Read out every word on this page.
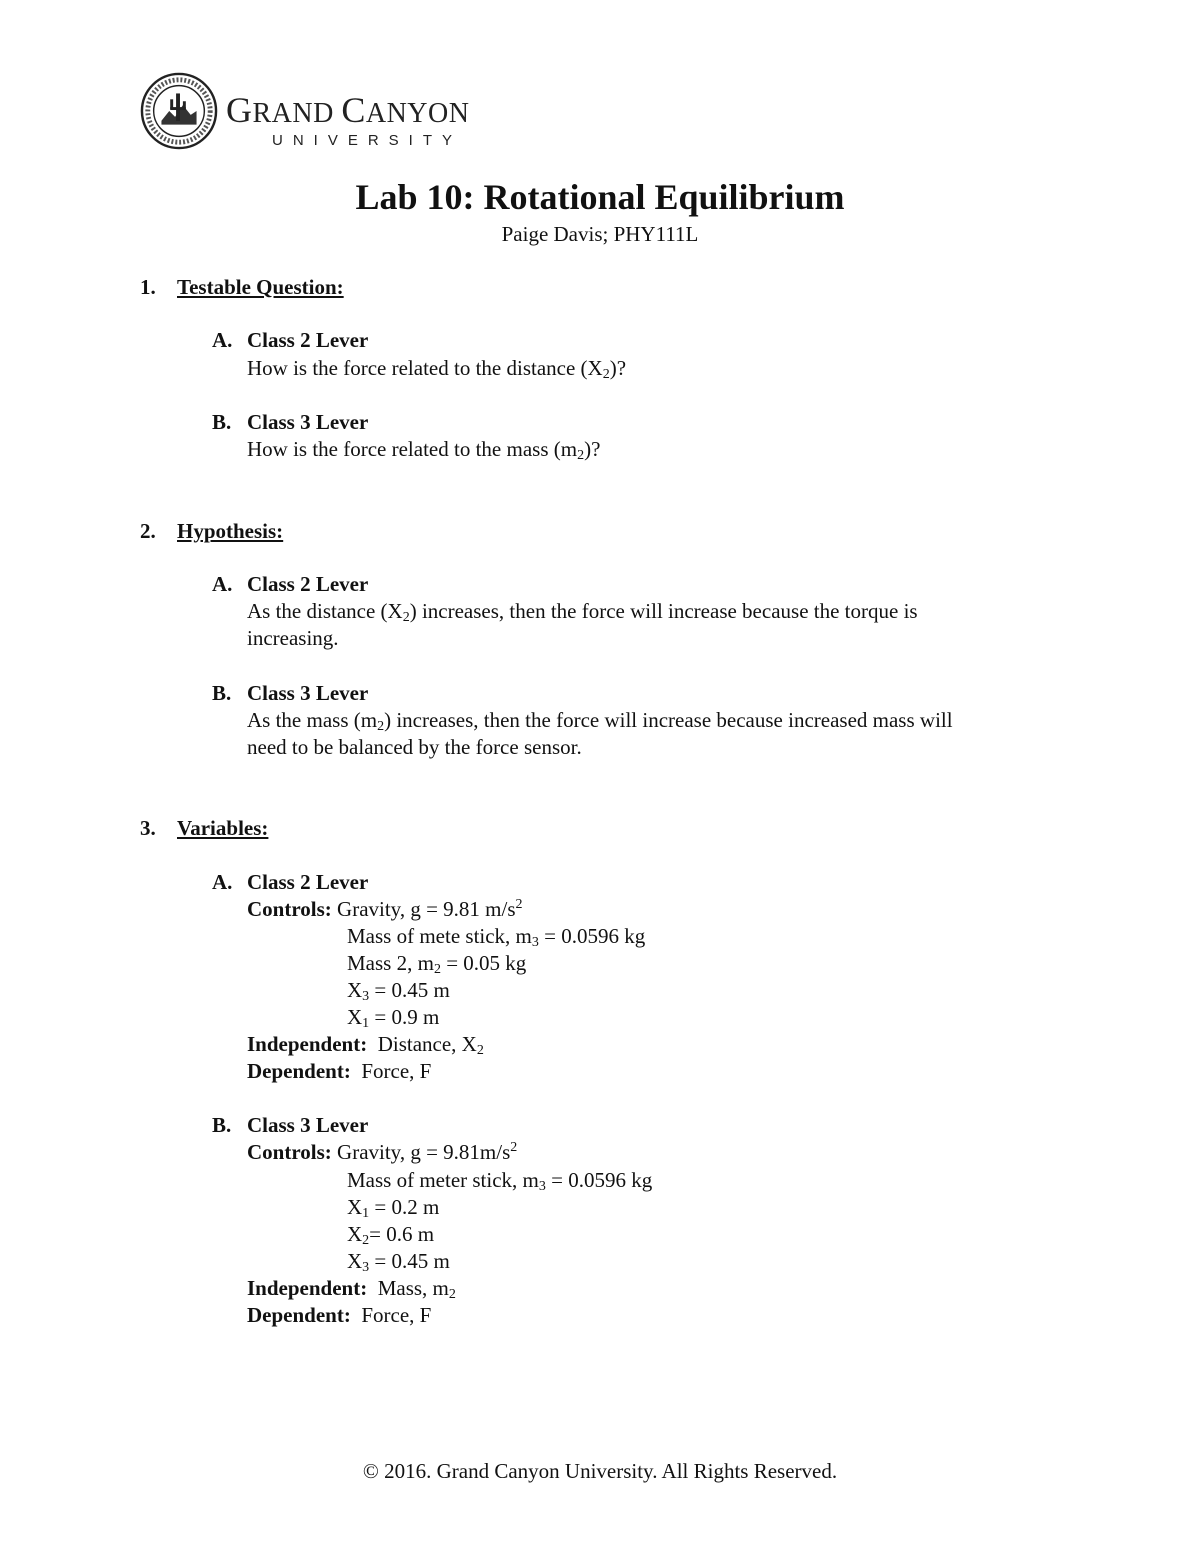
GRAND CANYON
UNIVERSITY
Lab 10: Rotational Equilibrium

Paige Davis; PHY111L

1. Testable Question:

A. Class 2 Lever

How is the force related to the distance $(X_2)$?

B. Class 3 Lever

How is the force related to the mass $(m_2)$?

2. Hypothesis:

A. Class 2 Lever

As the distance $(X_2)$ increases, then the force will increase because the torque is

increasing.

B. Class 3 Lever

As the mass $(m_2)$ increases, then the force will increase because increased mass will

need to be balanced by the force sensor.

3. Variables:

A. Class 2 Lever

Controls: Gravity, g = 9.81 $m/s^2$

Mass of mete stick, $m_3 = 0.0596$ kg

Mass 2, $m_2 = 0.05$ kg

$X_3 = 0.45$ m

$X_1 = 0.9$ m

Independent: Distance, $X_2$

Dependent: Force, F

B. Class 3 Lever

Controls: Gravity, $g = 9.81m/s^2$

Mass of meter stick, $m_3 = 0.0596$ kg

$X_1 = 0.2$ m

$X_2= 0.6$ m

$X_3 = 0.45$ m

Independent: Mass, $m_2$

Dependent: Force, F

© 2016. Grand Canyon University. All Rights Reserved.
